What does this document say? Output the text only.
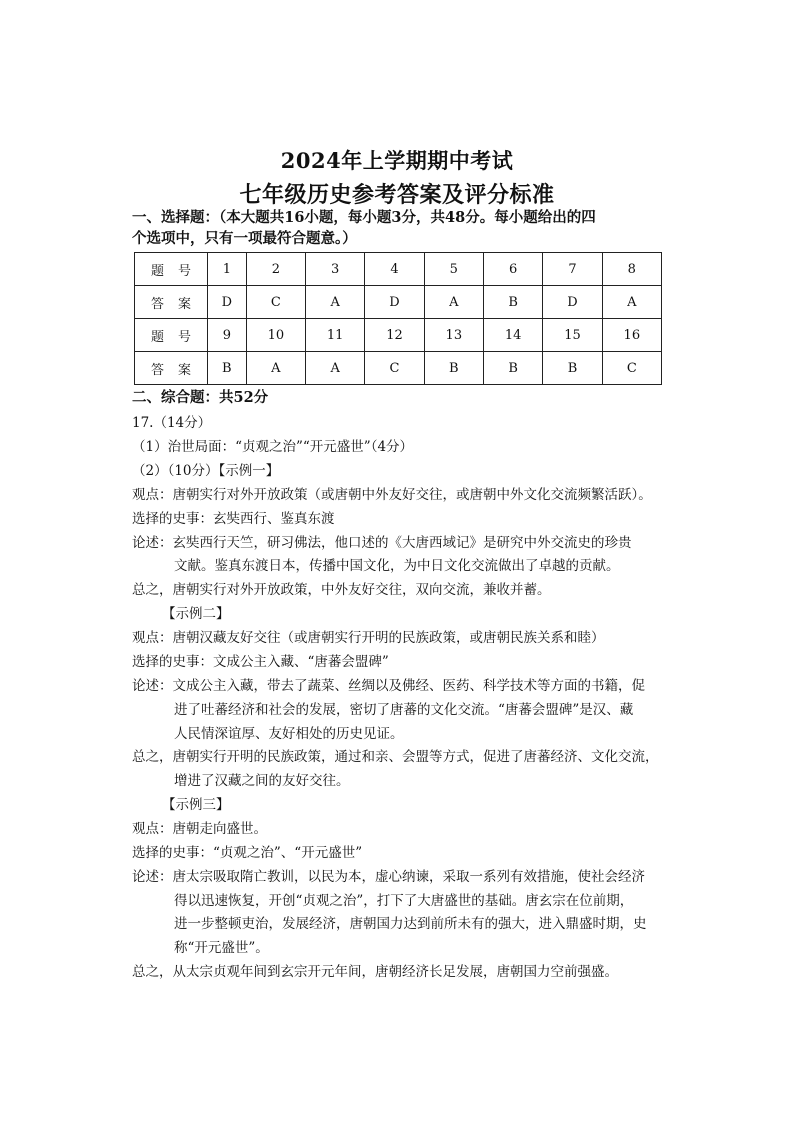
2024年上学期期中考试
七年级历史参考答案及评分标准
一、选择题：（本大题共16小题，每小题3分，共48分。每小题给出的四
个选项中，只有一项最符合题意。）
题号	1	2	3	4	5	6	7	8
答案	D	C	A	D	A	B	D	A
题号	9	10	11	12	13	14	15	16
答案	B	A	A	C	B	B	B	C
二、综合题：共52分
17.（14分）
（1）治世局面：“贞观之治”“开元盛世”（4分）
（2）（10分）【示例一】
观点：唐朝实行对外开放政策（或唐朝中外友好交往，或唐朝中外文化交流频繁活跃）。
选择的史事：玄奘西行、鉴真东渡
论述：玄奘西行天竺，研习佛法，他口述的《大唐西域记》是研究中外交流史的珍贵
文献。鉴真东渡日本，传播中国文化，为中日文化交流做出了卓越的贡献。
总之，唐朝实行对外开放政策，中外友好交往，双向交流，兼收并蓄。
【示例二】
观点：唐朝汉藏友好交往（或唐朝实行开明的民族政策，或唐朝民族关系和睦）
选择的史事：文成公主入藏、“唐蕃会盟碑”
论述：文成公主入藏，带去了蔬菜、丝绸以及佛经、医药、科学技术等方面的书籍，促
进了吐蕃经济和社会的发展，密切了唐蕃的文化交流。“唐蕃会盟碑”是汉、藏
人民情深谊厚、友好相处的历史见证。
总之，唐朝实行开明的民族政策，通过和亲、会盟等方式，促进了唐蕃经济、文化交流，
增进了汉藏之间的友好交往。
【示例三】
观点：唐朝走向盛世。
选择的史事：“贞观之治”、“开元盛世”
论述：唐太宗吸取隋亡教训，以民为本，虚心纳谏，采取一系列有效措施，使社会经济
得以迅速恢复，开创“贞观之治”，打下了大唐盛世的基础。唐玄宗在位前期，
进一步整顿吏治，发展经济，唐朝国力达到前所未有的强大，进入鼎盛时期，史
称“开元盛世”。
总之，从太宗贞观年间到玄宗开元年间，唐朝经济长足发展，唐朝国力空前强盛。
